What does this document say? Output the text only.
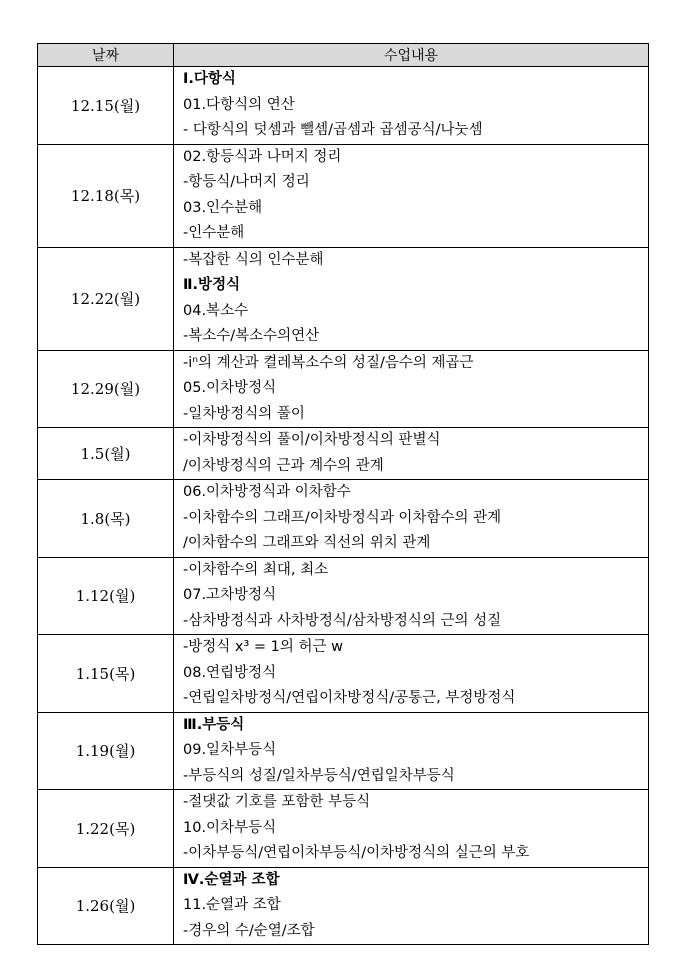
날짜	수업내용
12.15(월)	Ⅰ.다항식
01.다항식의 연산
- 다항식의 덧셈과 뺄셈/곱셈과 곱셈공식/나눗셈

12.18(목)	02.항등식과 나머지 정리
-항등식/나머지 정리
03.인수분해
-인수분해

12.22(월)	-복잡한 식의 인수분해
Ⅱ.방정식
04.복소수
-복소수/복소수의연산

12.29(월)	-iⁿ의 계산과 켤레복소수의 성질/음수의 제곱근
05.이차방정식
-일차방정식의 풀이

1.5(월)	-이차방정식의 풀이/이차방정식의 판별식
/이차방정식의 근과 계수의 관계

1.8(목)	06.이차방정식과 이차함수
-이차함수의 그래프/이차방정식과 이차함수의 관계
/이차함수의 그래프와 직선의 위치 관계

1.12(월)	-이차함수의 최대, 최소
07.고차방정식
-삼차방정식과 사차방정식/삼차방정식의 근의 성질

1.15(목)	-방정식 x³ = 1의 허근 w
08.연립방정식
-연립일차방정식/연립이차방정식/공통근, 부정방정식

1.19(월)	Ⅲ.부등식
09.일차부등식
-부등식의 성질/일차부등식/연립일차부등식

1.22(목)	-절댓값 기호를 포함한 부등식
10.이차부등식
-이차부등식/연립이차부등식/이차방정식의 실근의 부호

1.26(월)	Ⅳ.순열과 조합
11.순열과 조합
-경우의 수/순열/조합
